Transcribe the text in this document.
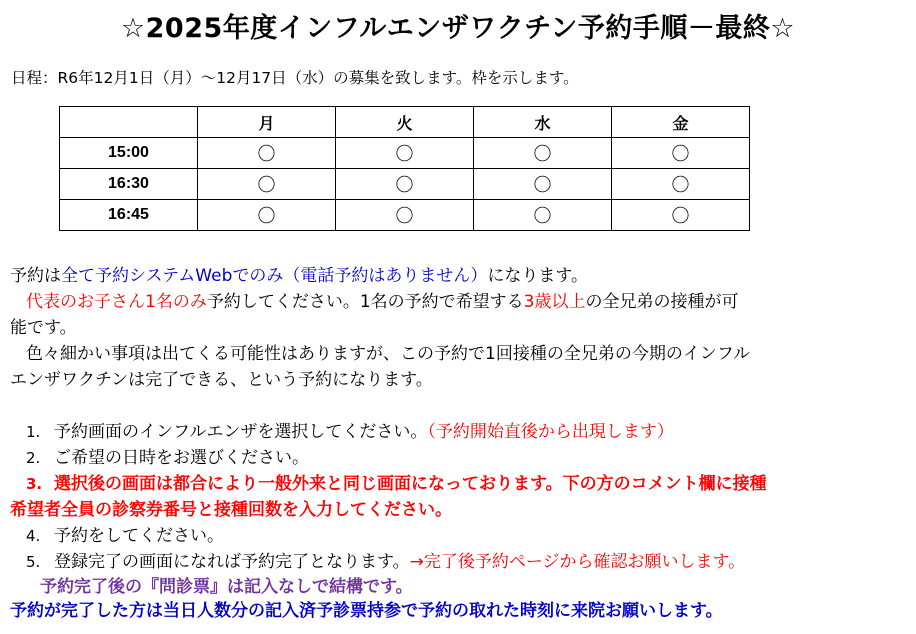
☆2025年度インフルエンザワクチン予約手順－最終☆
日程：R6年12月1日（月）～12月17日（水）の募集を致します。枠を示します。
	月	火	水	金
15:00	〇	〇	〇	〇
16:30	〇	〇	〇	〇
16:45	〇	〇	〇	〇
予約は全て予約システムWebでのみ（電話予約はありません）になります。
代表のお子さん1名のみ予約してください。1名の予約で希望する3歳以上の全兄弟の接種が可
能です。
色々細かい事項は出てくる可能性はありますが、この予約で1回接種の全兄弟の今期のインフル
エンザワクチンは完了できる、という予約になります。
1. 予約画面のインフルエンザを選択してください。（予約開始直後から出現します）
2. ご希望の日時をお選びください。
3. 選択後の画面は都合により一般外来と同じ画面になっております。下の方のコメント欄に接種
希望者全員の診察券番号と接種回数を入力してください。
4. 予約をしてください。
5. 登録完了の画面になれば予約完了となります。→完了後予約ページから確認お願いします。
予約完了後の『問診票』は記入なしで結構です。
予約が完了した方は当日人数分の記入済予診票持参で予約の取れた時刻に来院お願いします。
